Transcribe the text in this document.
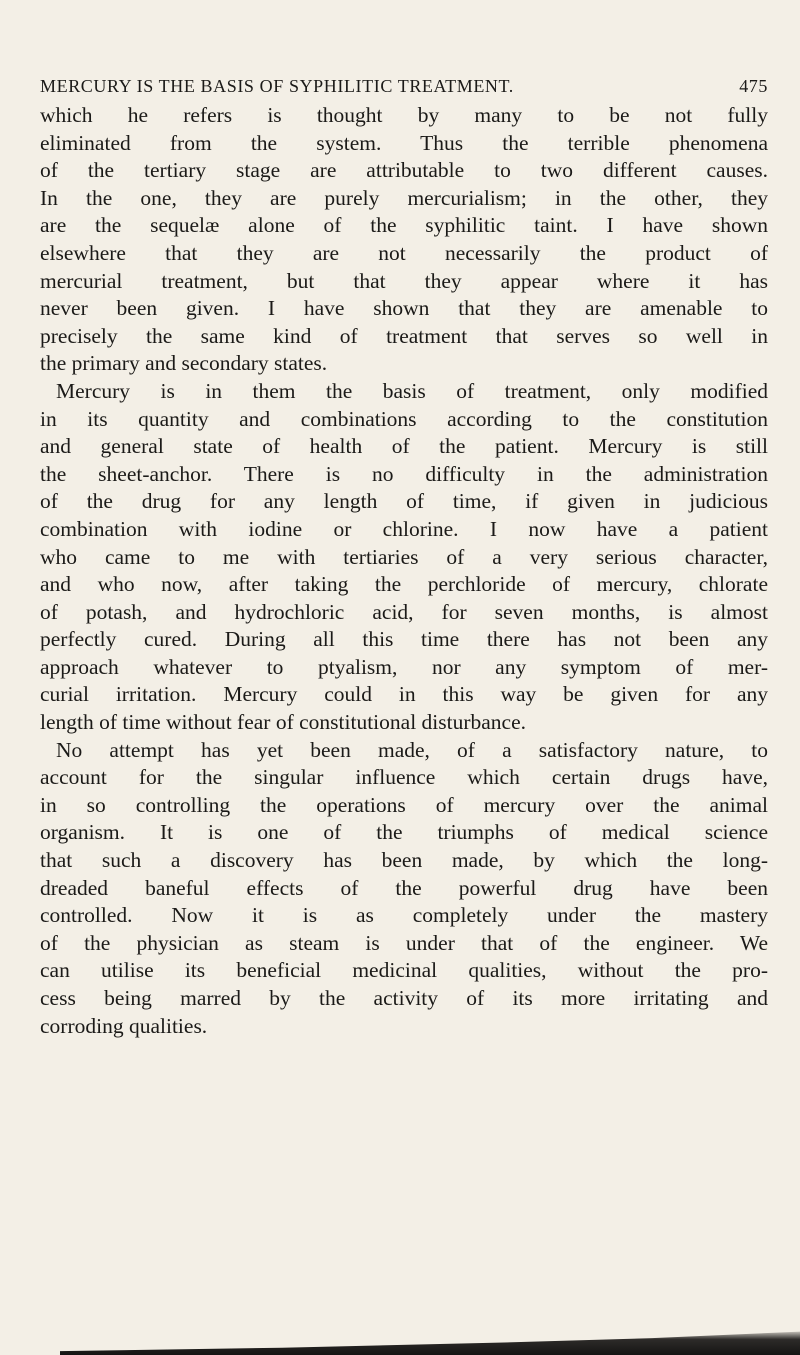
MERCURY IS THE BASIS OF SYPHILITIC TREATMENT.	475
which he refers is thought by many to be not fully
eliminated from the system. Thus the terrible phenomena
of the tertiary stage are attributable to two different causes.
In the one, they are purely mercurialism; in the other, they
are the sequelæ alone of the syphilitic taint. I have shown
elsewhere that they are not necessarily the product of
mercurial treatment, but that they appear where it has
never been given. I have shown that they are amenable to
precisely the same kind of treatment that serves so well in
the primary and secondary states.
Mercury is in them the basis of treatment, only modified
in its quantity and combinations according to the constitution
and general state of health of the patient. Mercury is still
the sheet-anchor. There is no difficulty in the administration
of the drug for any length of time, if given in judicious
combination with iodine or chlorine. I now have a patient
who came to me with tertiaries of a very serious character,
and who now, after taking the perchloride of mercury, chlorate
of potash, and hydrochloric acid, for seven months, is almost
perfectly cured. During all this time there has not been any
approach whatever to ptyalism, nor any symptom of mer-
curial irritation. Mercury could in this way be given for any
length of time without fear of constitutional disturbance.
No attempt has yet been made, of a satisfactory nature, to
account for the singular influence which certain drugs have,
in so controlling the operations of mercury over the animal
organism. It is one of the triumphs of medical science
that such a discovery has been made, by which the long-
dreaded baneful effects of the powerful drug have been
controlled. Now it is as completely under the mastery
of the physician as steam is under that of the engineer. We
can utilise its beneficial medicinal qualities, without the pro-
cess being marred by the activity of its more irritating and
corroding qualities.
